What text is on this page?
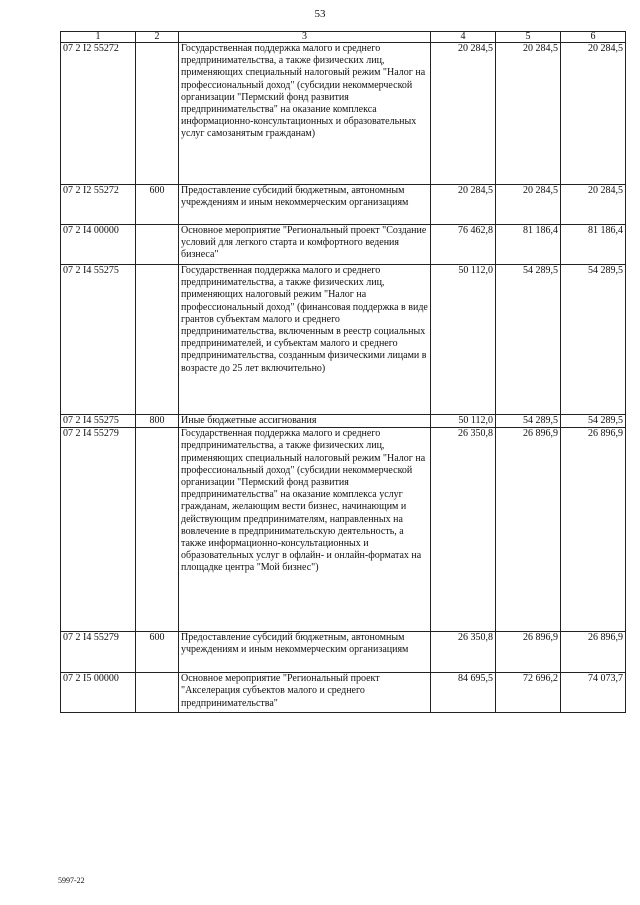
53
1	2	3	4	5	6
07 2 I2 55272		Государственная поддержка малого и среднего предпринимательства, а также физических лиц, применяющих специальный налоговый режим "Налог на профессиональный доход" (субсидии некоммерческой организации "Пермский фонд развития предпринимательства" на оказание комплекса информационно-консультационных и образовательных услуг самозанятым гражданам)	20 284,5	20 284,5	20 284,5
07 2 I2 55272	600	Предоставление субсидий бюджетным, автономным учреждениям и иным некоммерческим организациям	20 284,5	20 284,5	20 284,5
07 2 I4 00000		Основное мероприятие "Региональный проект "Создание условий для легкого старта и комфортного ведения бизнеса"	76 462,8	81 186,4	81 186,4
07 2 I4 55275		Государственная поддержка малого и среднего предпринимательства, а также физических лиц, применяющих налоговый режим "Налог на профессиональный доход" (финансовая поддержка в виде грантов субъектам малого и среднего предпринимательства, включенным в реестр социальных предпринимателей, и субъектам малого и среднего предпринимательства, созданным физическими лицами в возрасте до 25 лет включительно)	50 112,0	54 289,5	54 289,5
07 2 I4 55275	800	Иные бюджетные ассигнования	50 112,0	54 289,5	54 289,5
07 2 I4 55279		Государственная поддержка малого и среднего предпринимательства, а также физических лиц, применяющих специальный налоговый режим "Налог на профессиональный доход" (субсидии некоммерческой организации "Пермский фонд развития предпринимательства" на оказание комплекса услуг гражданам, желающим вести бизнес, начинающим и действующим предпринимателям, направленных на вовлечение в предпринимательскую деятельность, а также информационно-консультационных и образовательных услуг в офлайн- и онлайн-форматах на площадке центра "Мой бизнес")	26 350,8	26 896,9	26 896,9
07 2 I4 55279	600	Предоставление субсидий бюджетным, автономным учреждениям и иным некоммерческим организациям	26 350,8	26 896,9	26 896,9
07 2 I5 00000		Основное мероприятие "Региональный проект "Акселерация субъектов малого и среднего предпринимательства"	84 695,5	72 696,2	74 073,7
5997-22
